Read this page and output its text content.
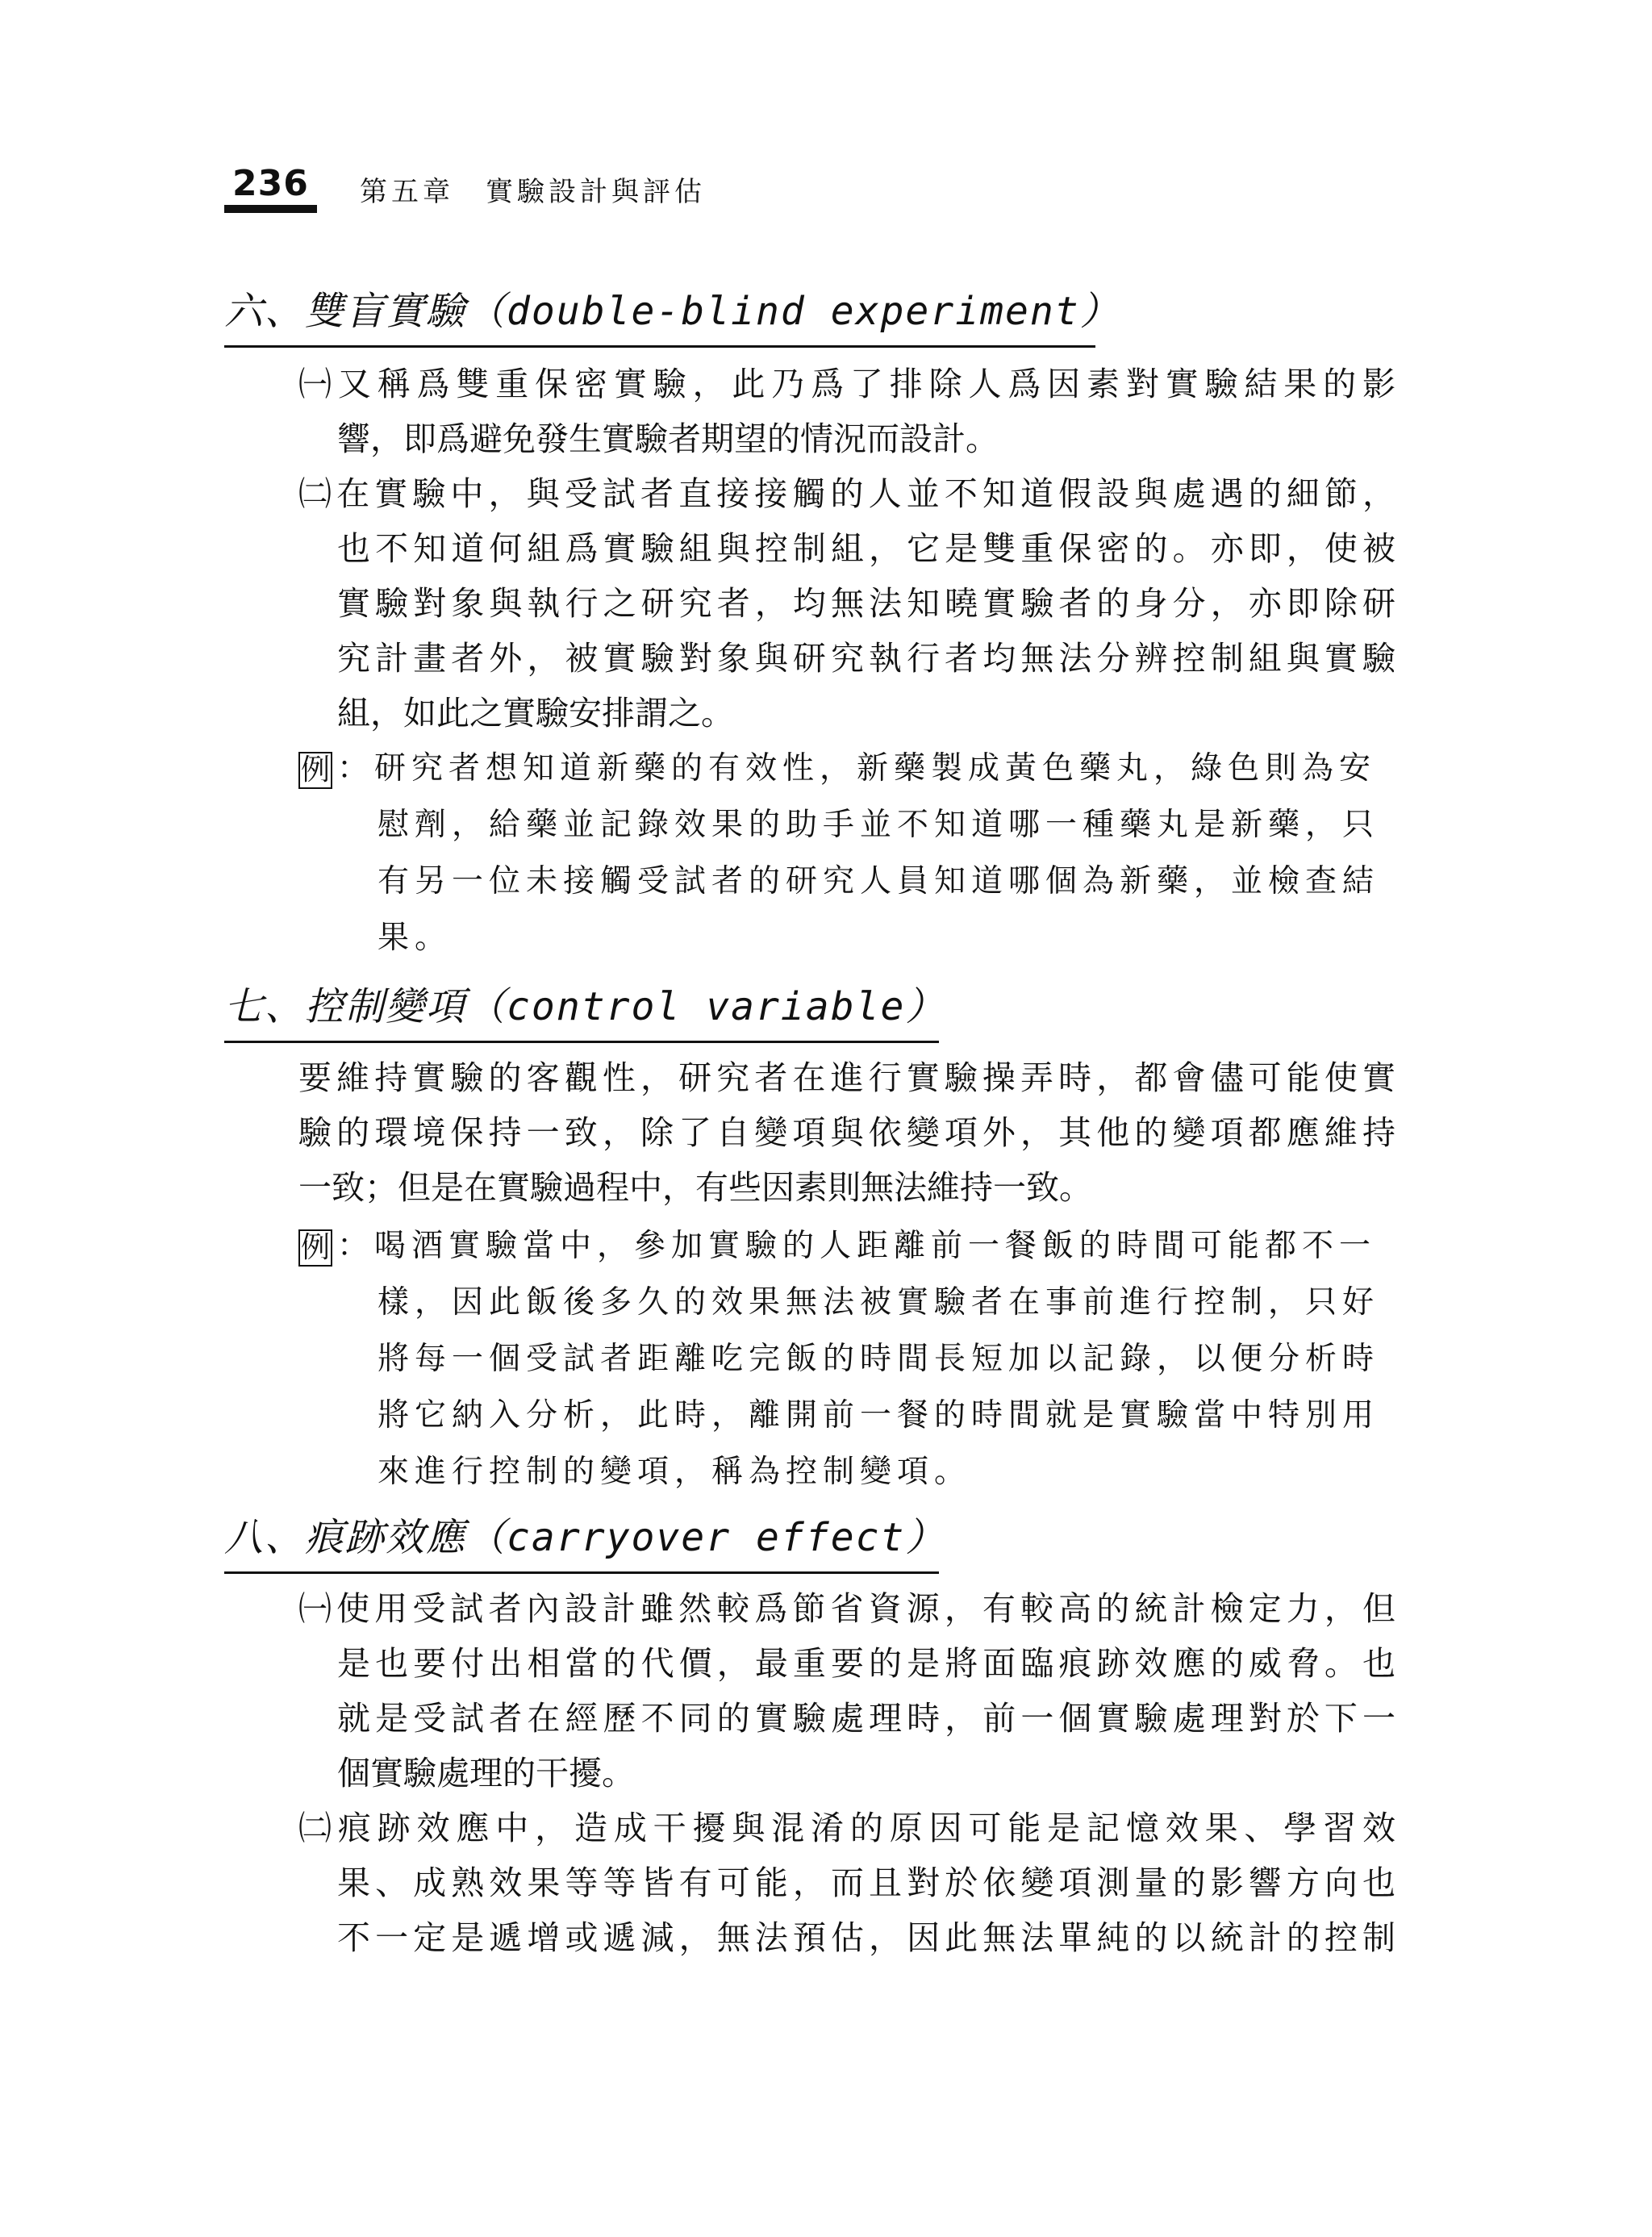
236 第五章　實驗設計與評估
六、雙盲實驗（double-blind experiment）
㈠又稱爲雙重保密實驗，此乃爲了排除人爲因素對實驗結果的影
響，即爲避免發生實驗者期望的情況而設計。
㈡在實驗中，與受試者直接接觸的人並不知道假設與處遇的細節，
也不知道何組爲實驗組與控制組，它是雙重保密的。亦即，使被
實驗對象與執行之研究者，均無法知曉實驗者的身分，亦即除研
究計畫者外，被實驗對象與研究執行者均無法分辨控制組與實驗
組，如此之實驗安排謂之。
例 ：研究者想知道新藥的有效性，新藥製成黃色藥丸，綠色則為安
慰劑，給藥並記錄效果的助手並不知道哪一種藥丸是新藥，只
有另一位未接觸受試者的研究人員知道哪個為新藥，並檢查結
果。
七、控制變項（control variable）
要維持實驗的客觀性，研究者在進行實驗操弄時，都會儘可能使實
驗的環境保持一致，除了自變項與依變項外，其他的變項都應維持
一致；但是在實驗過程中，有些因素則無法維持一致。
例 ：喝酒實驗當中，參加實驗的人距離前一餐飯的時間可能都不一
樣，因此飯後多久的效果無法被實驗者在事前進行控制，只好
將每一個受試者距離吃完飯的時間長短加以記錄，以便分析時
將它納入分析，此時，離開前一餐的時間就是實驗當中特別用
來進行控制的變項，稱為控制變項。
八、痕跡效應（carryover effect）
㈠使用受試者內設計雖然較爲節省資源，有較高的統計檢定力，但
是也要付出相當的代價，最重要的是將面臨痕跡效應的威脅。也
就是受試者在經歷不同的實驗處理時，前一個實驗處理對於下一
個實驗處理的干擾。
㈡痕跡效應中，造成干擾與混淆的原因可能是記憶效果、學習效
果、成熟效果等等皆有可能，而且對於依變項測量的影響方向也
不一定是遞增或遞減，無法預估，因此無法單純的以統計的控制
